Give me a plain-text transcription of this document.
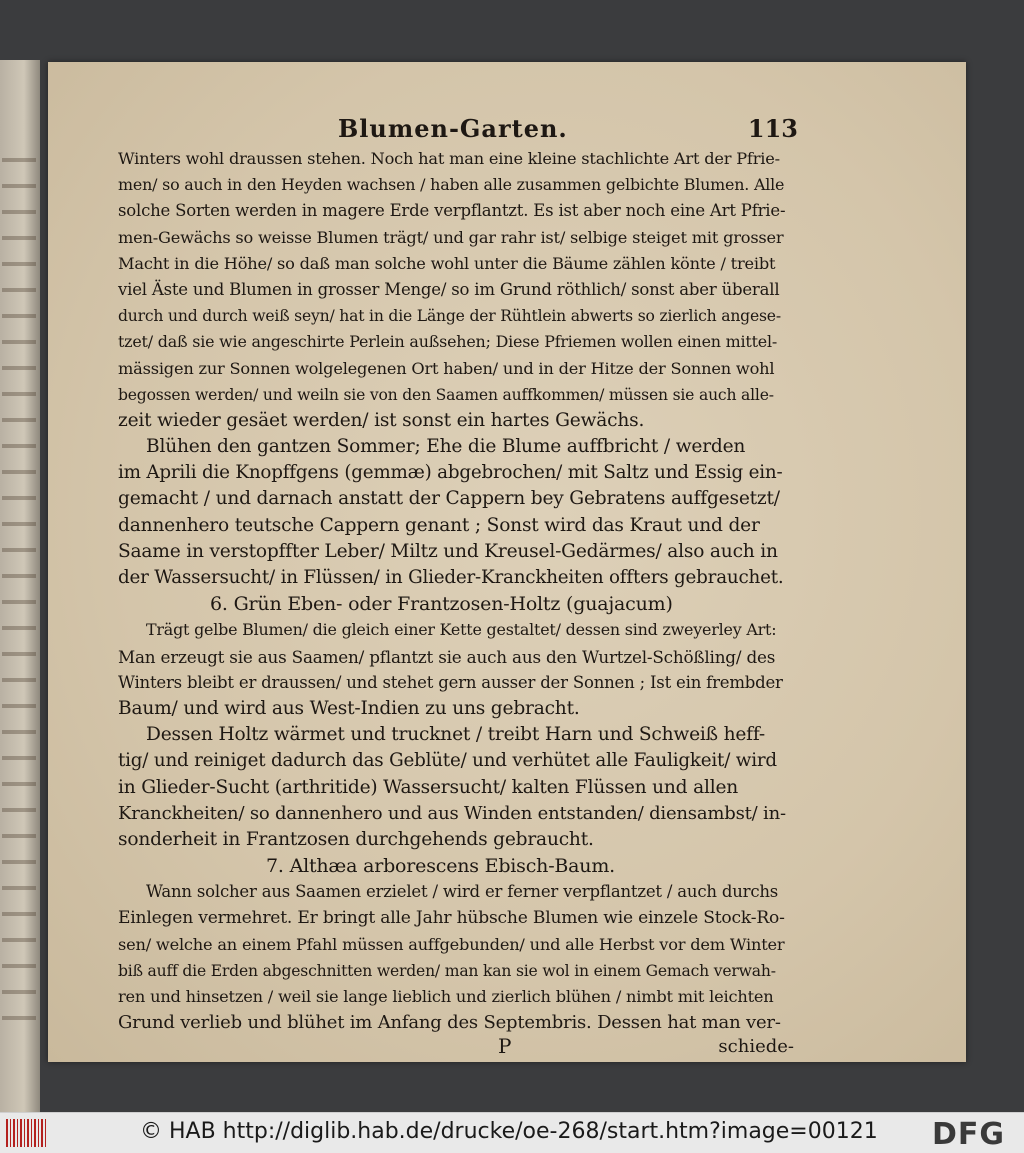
Blumen-Garten.	113
Winters wohl draussen stehen. Noch hat man eine kleine stachlichte Art der Pfrie-
men/ so auch in den Heyden wachsen / haben alle zusammen gelbichte Blumen. Alle
solche Sorten werden in magere Erde verpflantzt. Es ist aber noch eine Art Pfrie-
men-Gewächs so weisse Blumen trägt/ und gar rahr ist/ selbige steiget mit grosser
Macht in die Höhe/ so daß man solche wohl unter die Bäume zählen könte / treibt
viel Äste und Blumen in grosser Menge/ so im Grund röthlich/ sonst aber überall
durch und durch weiß seyn/ hat in die Länge der Rühtlein abwerts so zierlich angese-
tzet/ daß sie wie angeschirte Perlein außsehen; Diese Pfriemen wollen einen mittel-
mässigen zur Sonnen wolgelegenen Ort haben/ und in der Hitze der Sonnen wohl
begossen werden/ und weiln sie von den Saamen auffkommen/ müssen sie auch alle-
zeit wieder gesäet werden/ ist sonst ein hartes Gewächs.
Blühen den gantzen Sommer; Ehe die Blume auffbricht / werden
im Aprili die Knopffgens (gemmæ) abgebrochen/ mit Saltz und Essig ein-
gemacht / und darnach anstatt der Cappern bey Gebratens auffgesetzt/
dannenhero teutsche Cappern genant ; Sonst wird das Kraut und der
Saame in verstopffter Leber/ Miltz und Kreusel-Gedärmes/ also auch in
der Wassersucht/ in Flüssen/ in Glieder-Kranckheiten offters gebrauchet.
6. Grün Eben- oder Frantzosen-Holtz (guajacum)
Trägt gelbe Blumen/ die gleich einer Kette gestaltet/ dessen sind zweyerley Art:
Man erzeugt sie aus Saamen/ pflantzt sie auch aus den Wurtzel-Schößling/ des
Winters bleibt er draussen/ und stehet gern ausser der Sonnen ; Ist ein frembder
Baum/ und wird aus West-Indien zu uns gebracht.
Dessen Holtz wärmet und trucknet / treibt Harn und Schweiß heff-
tig/ und reiniget dadurch das Geblüte/ und verhütet alle Fauligkeit/ wird
in Glieder-Sucht (arthritide) Wassersucht/ kalten Flüssen und allen
Kranckheiten/ so dannenhero und aus Winden entstanden/ diensambst/ in-
sonderheit in Frantzosen durchgehends gebraucht.
7. Althæa arborescens Ebisch-Baum.
Wann solcher aus Saamen erzielet / wird er ferner verpflantzet / auch durchs
Einlegen vermehret. Er bringt alle Jahr hübsche Blumen wie einzele Stock-Ro-
sen/ welche an einem Pfahl müssen auffgebunden/ und alle Herbst vor dem Winter
biß auff die Erden abgeschnitten werden/ man kan sie wol in einem Gemach verwah-
ren und hinsetzen / weil sie lange lieblich und zierlich blühen / nimbt mit leichten
Grund verlieb und blühet im Anfang des Septembris. Dessen hat man ver-
P	schiede-
© HAB http://diglib.hab.de/drucke/oe-268/start.htm?image=00121 DFG
